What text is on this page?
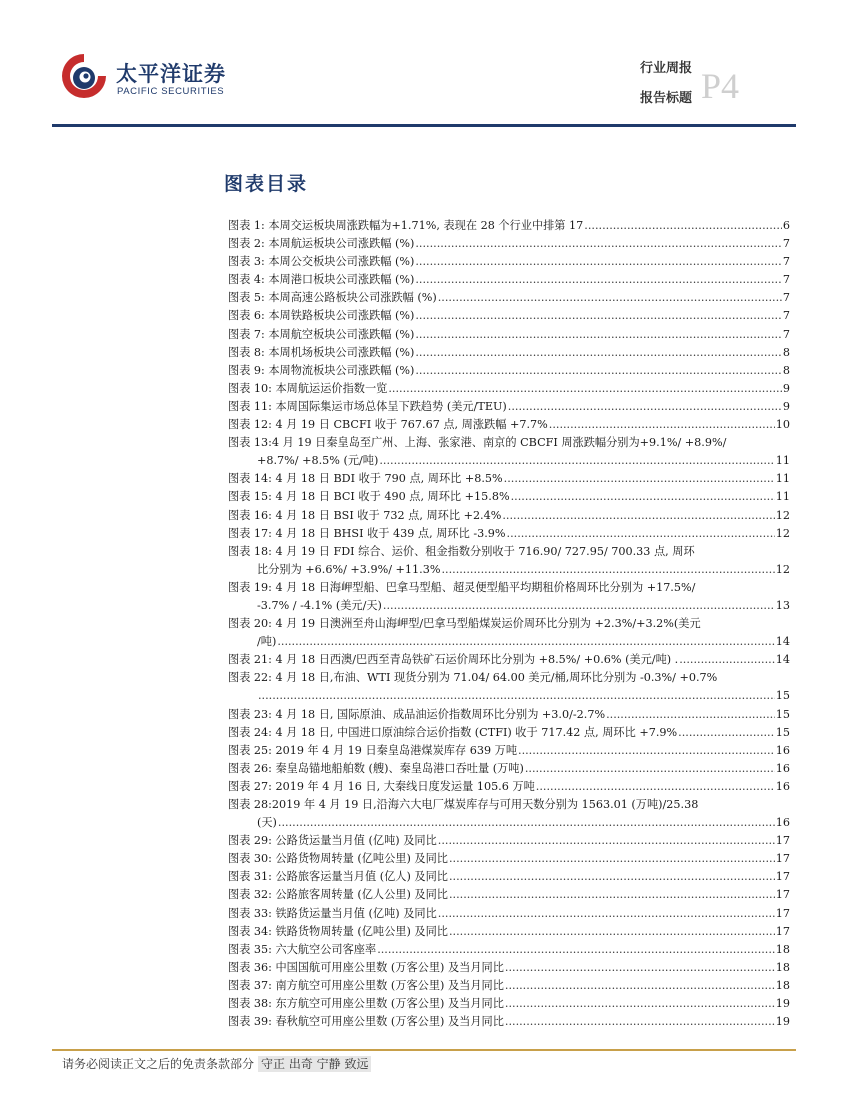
太平洋证券
PACIFIC SECURITIES
行业周报
报告标题 P4
图表目录
图表 1: 本周交运板块周涨跌幅为+1.71%, 表现在 28 个行业中排第 17 .....	6
图表 2: 本周航运板块公司涨跌幅 (%) .....	7
图表 3: 本周公交板块公司涨跌幅 (%) .....	7
图表 4: 本周港口板块公司涨跌幅 (%) .....	7
图表 5: 本周高速公路板块公司涨跌幅 (%) .....	7
图表 6: 本周铁路板块公司涨跌幅 (%) .....	7
图表 7: 本周航空板块公司涨跌幅 (%) .....	7
图表 8: 本周机场板块公司涨跌幅 (%) .....	8
图表 9: 本周物流板块公司涨跌幅 (%) .....	8
图表 10: 本周航运运价指数一览 .....	9
图表 11: 本周国际集运市场总体呈下跌趋势 (美元/TEU) .....	9
图表 12: 4 月 19 日 CBCFI 收于 767.67 点, 周涨跌幅 +7.7% .....	10
图表 13:4 月 19 日秦皇岛至广州、上海、张家港、南京的 CBCFI 周涨跌幅分别为+9.1%/ +8.9%/
+8.7%/ +8.5% (元/吨) .....	11
图表 14: 4 月 18 日 BDI 收于 790 点, 周环比 +8.5% .....	11
图表 15: 4 月 18 日 BCI 收于 490 点, 周环比 +15.8% .....	11
图表 16: 4 月 18 日 BSI 收于 732 点, 周环比 +2.4% .....	12
图表 17: 4 月 18 日 BHSI 收于 439 点, 周环比 -3.9% .....	12
图表 18: 4 月 19 日 FDI 综合、运价、租金指数分别收于 716.90/ 727.95/ 700.33 点, 周环
比分别为 +6.6%/ +3.9%/ +11.3% .....	12
图表 19: 4 月 18 日海岬型船、巴拿马型船、超灵便型船平均期租价格周环比分别为 +17.5%/
-3.7% / -4.1% (美元/天) .....	13
图表 20: 4 月 19 日澳洲至舟山海岬型/巴拿马型船煤炭运价周环比分别为 +2.3%/+3.2%(美元
/吨) .....	14
图表 21: 4 月 18 日西澳/巴西至青岛铁矿石运价周环比分别为 +8.5%/ +0.6% (美元/吨) . .....	14
图表 22: 4 月 18 日,布油、WTI 现货分别为 71.04/ 64.00 美元/桶,周环比分别为 -0.3%/ +0.7%
.....
15
图表 23: 4 月 18 日, 国际原油、成品油运价指数周环比分别为 +3.0/-2.7% .....	15
图表 24: 4 月 18 日, 中国进口原油综合运价指数 (CTFI) 收于 717.42 点, 周环比 +7.9% .....	15
图表 25: 2019 年 4 月 19 日秦皇岛港煤炭库存 639 万吨 .....	16
图表 26: 秦皇岛锚地船舶数 (艘)、秦皇岛港口吞吐量 (万吨) .....	16
图表 27: 2019 年 4 月 16 日, 大秦线日度发运量 105.6 万吨 .....	16
图表 28:2019 年 4 月 19 日,沿海六大电厂煤炭库存与可用天数分别为 1563.01 (万吨)/25.38
(天) .....	16
图表 29: 公路货运量当月值 (亿吨) 及同比 .....	17
图表 30: 公路货物周转量 (亿吨公里) 及同比 .....	17
图表 31: 公路旅客运量当月值 (亿人) 及同比 .....	17
图表 32: 公路旅客周转量 (亿人公里) 及同比 .....	17
图表 33: 铁路货运量当月值 (亿吨) 及同比 .....	17
图表 34: 铁路货物周转量 (亿吨公里) 及同比 .....	17
图表 35: 六大航空公司客座率 .....	18
图表 36: 中国国航可用座公里数 (万客公里) 及当月同比 .....	18
图表 37: 南方航空可用座公里数 (万客公里) 及当月同比 .....	18
图表 38: 东方航空可用座公里数 (万客公里) 及当月同比 .....	19
图表 39: 春秋航空可用座公里数 (万客公里) 及当月同比 .....	19
请务必阅读正文之后的免责条款部分 守正 出奇 宁静 致远
